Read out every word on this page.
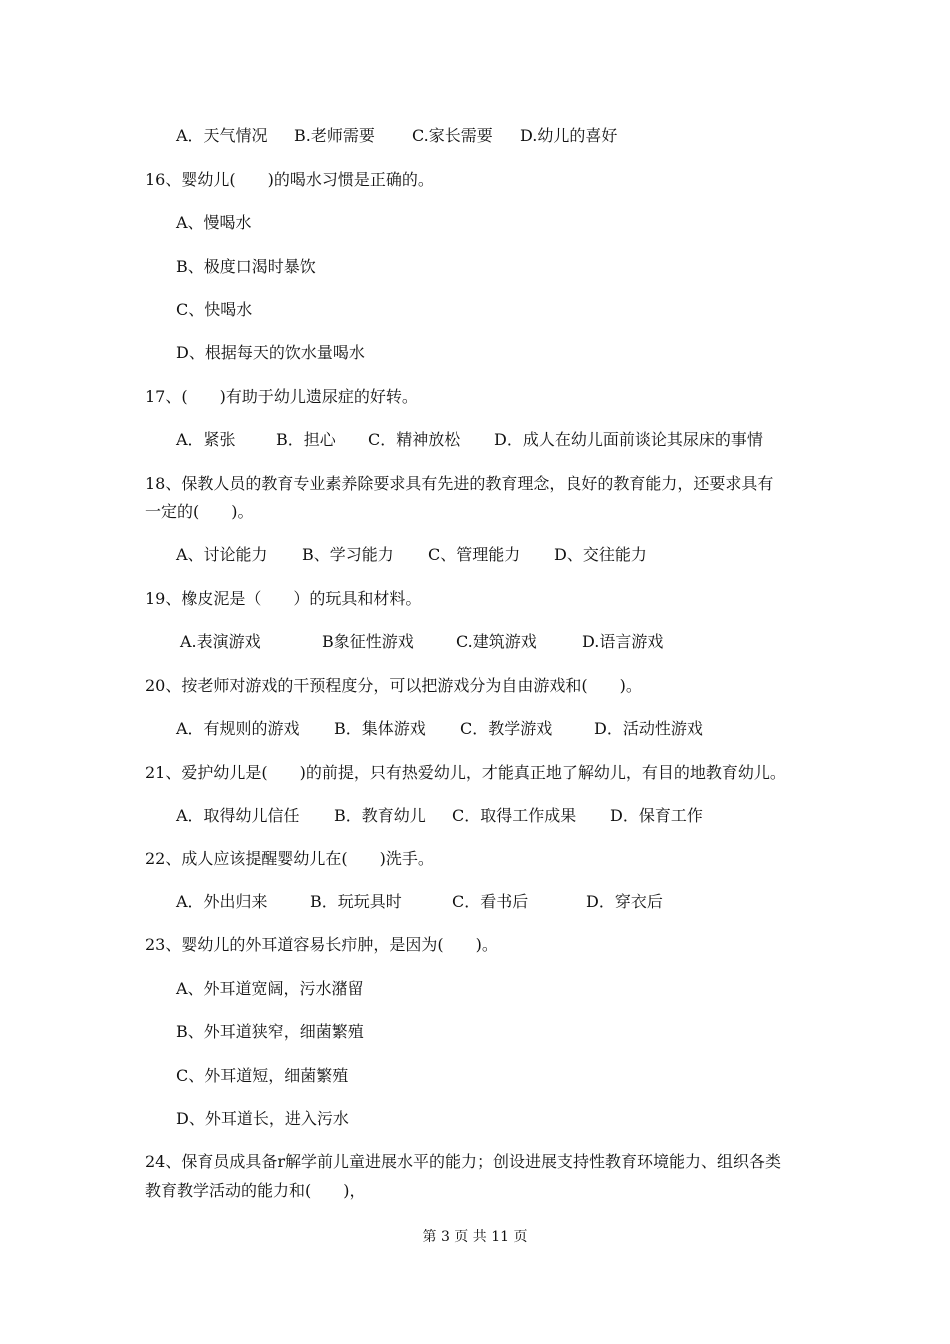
A．天气情况 B.老师需要 C.家长需要 D.幼儿的喜好
16、婴幼儿(　　)的喝水习惯是正确的。
A、慢喝水
B、极度口渴时暴饮
C、快喝水
D、根据每天的饮水量喝水
17、(　　)有助于幼儿遗尿症的好转。
A．紧张	B．担心 C．精神放松 D．成人在幼儿面前谈论其尿床的事情
18、保教人员的教育专业素养除要求具有先进的教育理念，良好的教育能力，还要求具有
一定的(　　)。
A、讨论能力 B、学习能力 C、管理能力 D、交往能力
19、橡皮泥是（　　）的玩具和材料。
A.表演游戏	B象征性游戏	C.建筑游戏	D.语言游戏
20、按老师对游戏的干预程度分，可以把游戏分为自由游戏和(　　)。
A．有规则的游戏 B．集体游戏 C．教学游戏	D．活动性游戏
21、爱护幼儿是(　　)的前提，只有热爱幼儿，才能真正地了解幼儿，有目的地教育幼儿。
A．取得幼儿信任 B．教育幼儿 C．取得工作成果 D．保育工作
22、成人应该提醒婴幼儿在(　　)洗手。
A．外出归来	B．玩玩具时	C．看书后	D．穿衣后
23、婴幼儿的外耳道容易长疖肿，是因为(　　)。
A、外耳道宽阔，污水潴留
B、外耳道狭窄，细菌繁殖
C、外耳道短，细菌繁殖
D、外耳道长，进入污水
24、保育员成具备r解学前儿童进展水平的能力；创设进展支持性教育环境能力、组织各类
教育教学活动的能力和(　　)，
第 3 页 共 11 页
